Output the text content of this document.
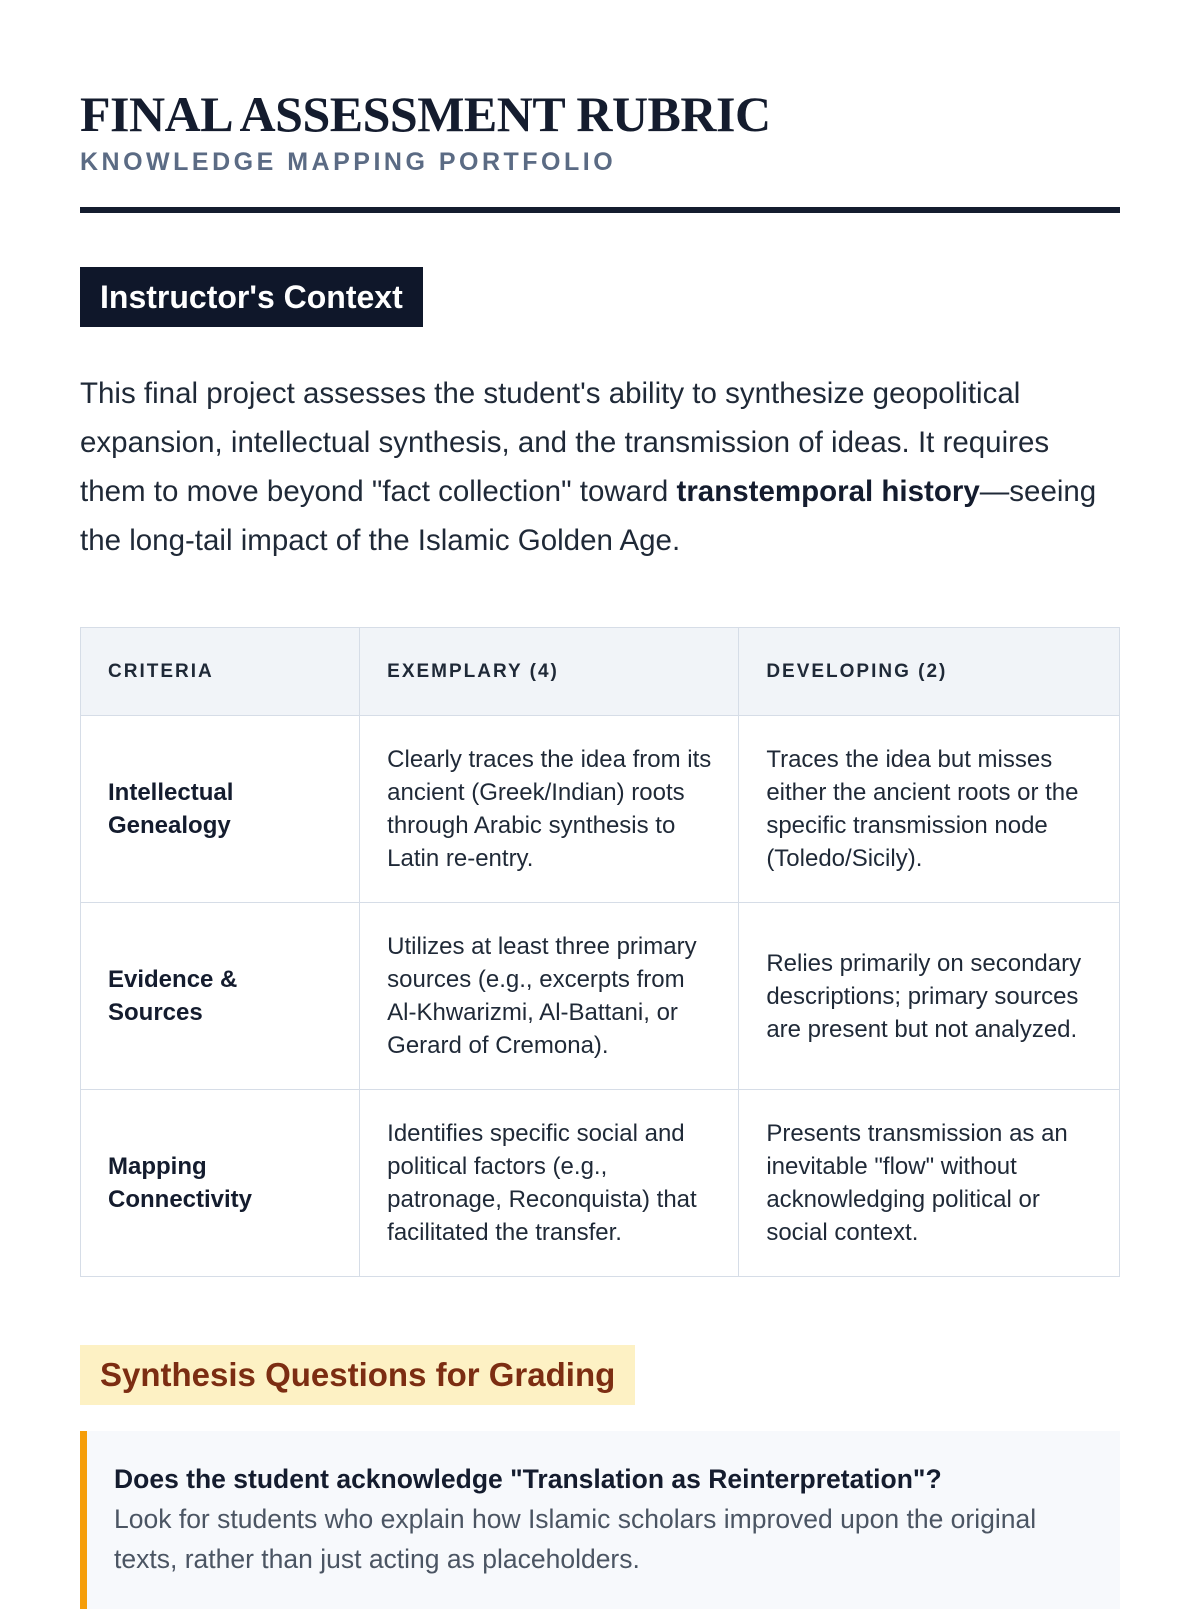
FINAL ASSESSMENT RUBRIC
KNOWLEDGE MAPPING PORTFOLIO
Instructor's Context

This final project assesses the student's ability to synthesize geopolitical expansion, intellectual synthesis, and the transmission of ideas. It requires them to move beyond "fact collection" toward transtemporal history—seeing the long-tail impact of the Islamic Golden Age.

CRITERIA	EXEMPLARY (4)	DEVELOPING (2)
Intellectual Genealogy	Clearly traces the idea from its ancient (Greek/Indian) roots through Arabic synthesis to Latin re-entry.	Traces the idea but misses either the ancient roots or the specific transmission node (Toledo/Sicily).
Evidence & Sources	Utilizes at least three primary sources (e.g., excerpts from Al-Khwarizmi, Al-Battani, or Gerard of Cremona).	Relies primarily on secondary descriptions; primary sources are present but not analyzed.
Mapping Connectivity	Identifies specific social and political factors (e.g., patronage, Reconquista) that facilitated the transfer.	Presents transmission as an inevitable "flow" without acknowledging political or social context.
Synthesis Questions for Grading
Does the student acknowledge "Translation as Reinterpretation"?
Look for students who explain how Islamic scholars improved upon the original texts, rather than just acting as placeholders.
